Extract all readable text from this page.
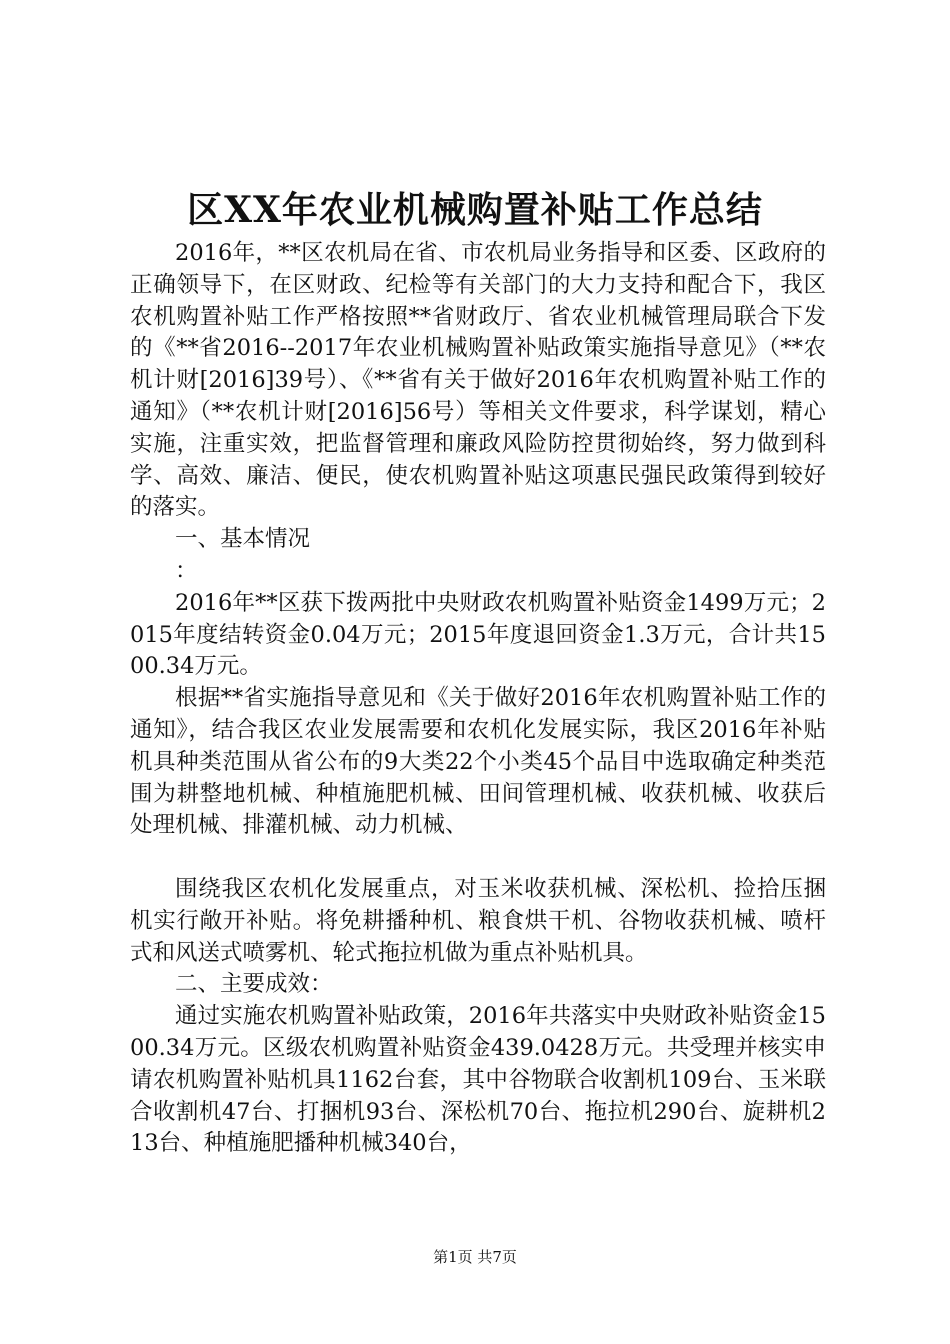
区XX年农业机械购置补贴工作总结

2016年，**区农机局在省、市农机局业务指导和区委、区政府的正确领导下，在区财政、纪检等有关部门的大力支持和配合下，我区农机购置补贴工作严格按照**省财政厅、省农业机械管理局联合下发的《**省2016--2017年农业机械购置补贴政策实施指导意见》（**农机计财[2016]39号）、《**省有关于做好2016年农机购置补贴工作的通知》（**农机计财[2016]56号）等相关文件要求，科学谋划，精心实施，注重实效，把监督管理和廉政风险防控贯彻始终，努力做到科学、高效、廉洁、便民，使农机购置补贴这项惠民强民政策得到较好的落实。

一、基本情况

：

2016年**区获下拨两批中央财政农机购置补贴资金1499万元；2015年度结转资金0.04万元；2015年度退回资金1.3万元，合计共1500.34万元。

根据**省实施指导意见和《关于做好2016年农机购置补贴工作的通知》，结合我区农业发展需要和农机化发展实际，我区2016年补贴机具种类范围从省公布的9大类22个小类45个品目中选取确定种类范围为耕整地机械、种植施肥机械、田间管理机械、收获机械、收获后处理机械、排灌机械、动力机械、

围绕我区农机化发展重点，对玉米收获机械、深松机、捡拾压捆机实行敞开补贴。将免耕播种机、粮食烘干机、谷物收获机械、喷杆式和风送式喷雾机、轮式拖拉机做为重点补贴机具。

二、主要成效：

通过实施农机购置补贴政策，2016年共落实中央财政补贴资金1500.34万元。区级农机购置补贴资金439.0428万元。共受理并核实申请农机购置补贴机具1162台套，其中谷物联合收割机109台、玉米联合收割机47台、打捆机93台、深松机70台、拖拉机290台、旋耕机213台、种植施肥播种机械340台，

第1页 共7页
